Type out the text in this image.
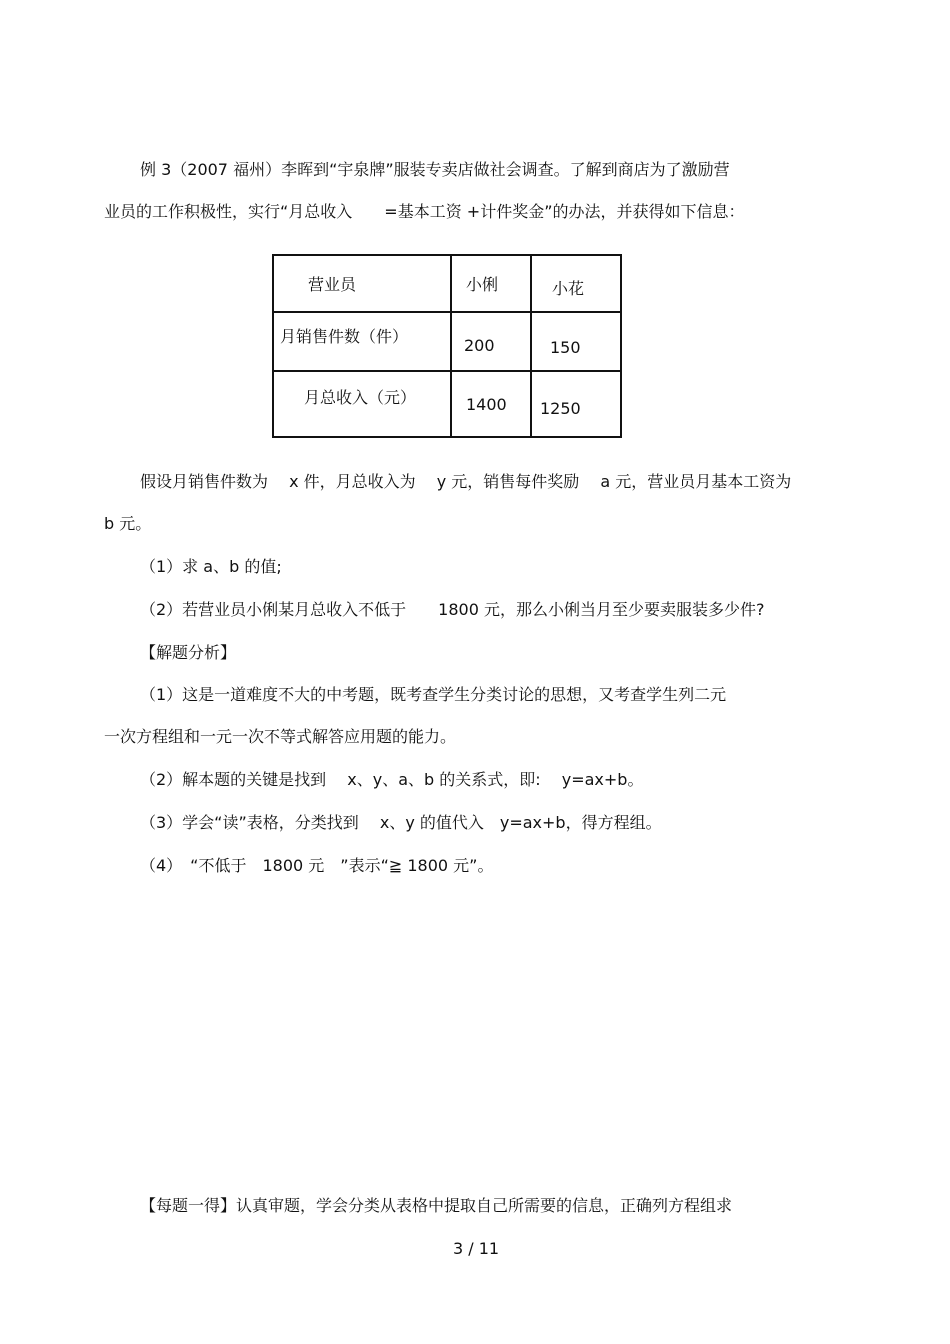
例 3（2007 福州）李晖到“宇泉牌”服装专卖店做社会调查。了解到商店为了激励营
业员的工作积极性，实行“月总收入　　=基本工资 +计件奖金”的办法，并获得如下信息：
营业员	小俐	小花
月销售件数（件）	200	150
月总收入（元）	1400	1250
假设月销售件数为　 x 件，月总收入为　 y 元，销售每件奖励　 a 元，营业员月基本工资为
b 元。
（1）求 a、b 的值;
（2）若营业员小俐某月总收入不低于　　1800 元，那么小俐当月至少要卖服装多少件?
【解题分析】
（1）这是一道难度不大的中考题，既考查学生分类讨论的思想，又考查学生列二元
一次方程组和一元一次不等式解答应用题的能力。
（2）解本题的关键是找到　 x、y、a、b 的关系式，即:　 y=ax+b。
（3）学会“读”表格，分类找到　 x、y 的值代入　y=ax+b，得方程组。
（4）　“不低于　1800 元　”表示“≧ 1800 元”。
【每题一得】认真审题，学会分类从表格中提取自己所需要的信息，正确列方程组求
3 / 11
